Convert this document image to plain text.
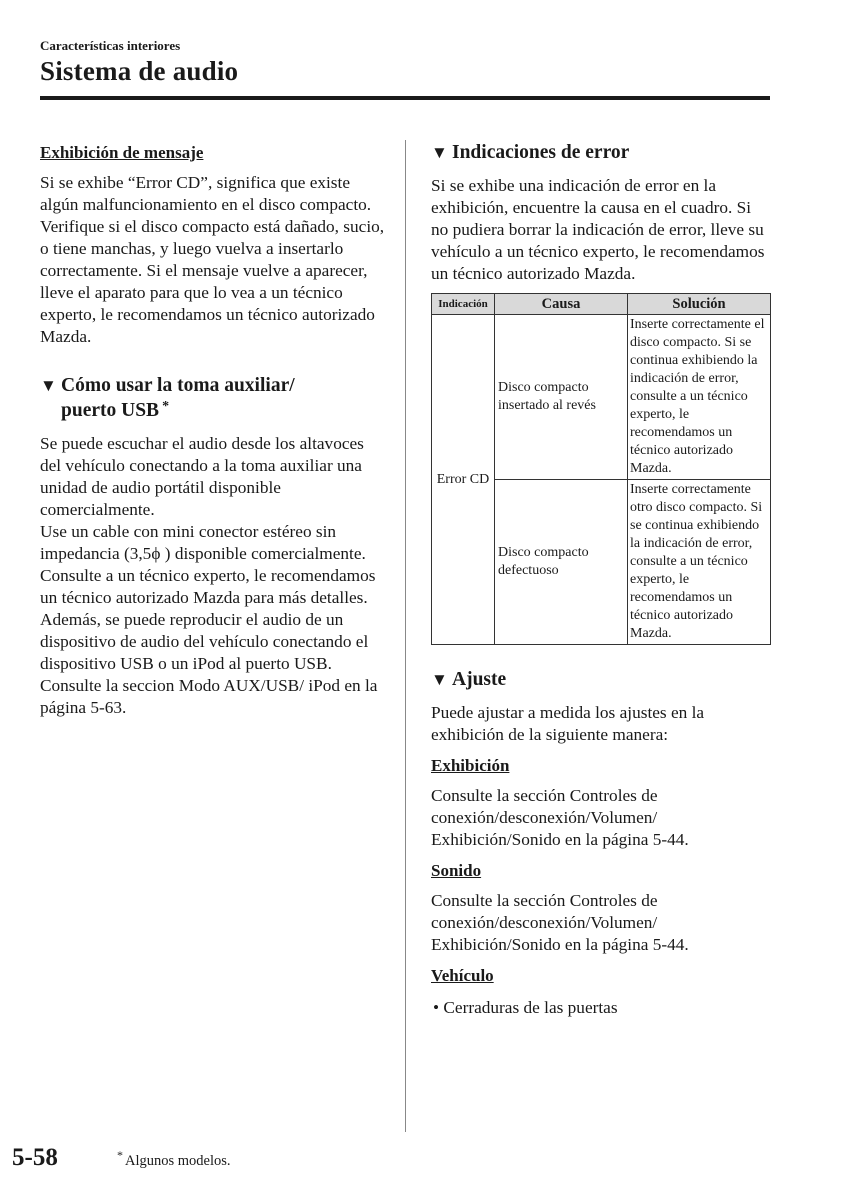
Características interiores
Sistema de audio

Exhibición de mensaje

Si se exhibe “Error CD”, significa que existe algún malfuncionamiento en el disco compacto. Verifique si el disco compacto está dañado, sucio, o tiene manchas, y luego vuelva a insertarlo correctamente. Si el mensaje vuelve a aparecer, lleve el aparato para que lo vea a un técnico experto, le recomendamos un técnico autorizado Mazda.

▼ Cómo usar la toma auxiliar/
puerto USB *

Se puede escuchar el audio desde los altavoces del vehículo conectando a la toma auxiliar una unidad de audio portátil disponible comercialmente.

Use un cable con mini conector estéreo sin impedancia (3,5ϕ ) disponible comercialmente. Consulte a un técnico experto, le recomendamos un técnico autorizado Mazda para más detalles.

Además, se puede reproducir el audio de un dispositivo de audio del vehículo conectando el dispositivo USB o un iPod al puerto USB.

Consulte la seccion Modo AUX/USB/ iPod en la página 5-63.

▼ Indicaciones de error

Si se exhibe una indicación de error en la exhibición, encuentre la causa en el cuadro. Si no pudiera borrar la indicación de error, lleve su vehículo a un técnico experto, le recomendamos un técnico autorizado Mazda.

Indicación	Causa	Solución
Error CD	Disco compacto insertado al revés	Inserte correctamente el disco compacto. Si se continua exhibiendo la indicación de error, consulte a un técnico experto, le recomendamos un técnico autorizado Mazda.
	Disco compacto defectuoso	Inserte correctamente otro disco compacto. Si se continua exhibiendo la indicación de error, consulte a un técnico experto, le recomendamos un técnico autorizado Mazda.
▼ Ajuste

Puede ajustar a medida los ajustes en la exhibición de la siguiente manera:

Exhibición

Consulte la sección Controles de conexión/desconexión/Volumen/ Exhibición/Sonido en la página 5-44.

Sonido

Consulte la sección Controles de conexión/desconexión/Volumen/ Exhibición/Sonido en la página 5-44.

Vehículo

• Cerraduras de las puertas

5-58	* Algunos modelos.
